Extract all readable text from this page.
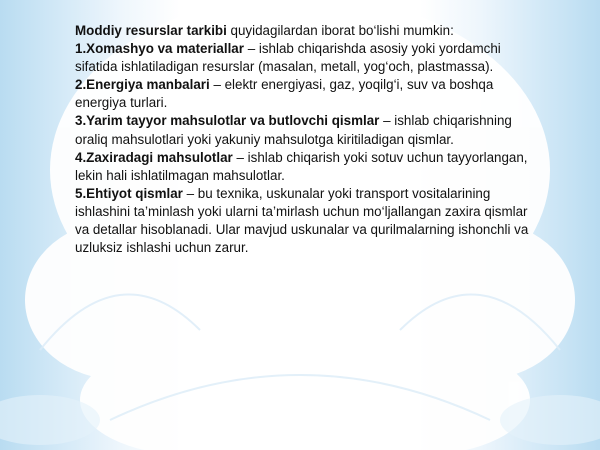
Moddiy resurslar tarkibi quyidagilardan iborat bo‘lishi mumkin:

1.Xomashyo va materiallar – ishlab chiqarishda asosiy yoki yordamchi sifatida ishlatiladigan resurslar (masalan, metall, yog‘och, plastmassa).

2.Energiya manbalari – elektr energiyasi, gaz, yoqilg‘i, suv va boshqa energiya turlari.

3.Yarim tayyor mahsulotlar va butlovchi qismlar – ishlab chiqarishning oraliq mahsulotlari yoki yakuniy mahsulotga kiritiladigan qismlar.

4.Zaxiradagi mahsulotlar – ishlab chiqarish yoki sotuv uchun tayyorlangan, lekin hali ishlatilmagan mahsulotlar.

5.Ehtiyot qismlar – bu texnika, uskunalar yoki transport vositalarining ishlashini ta’minlash yoki ularni ta’mirlash uchun mo‘ljallangan zaxira qismlar va detallar hisoblanadi. Ular mavjud uskunalar va qurilmalarning ishonchli va uzluksiz ishlashi uchun zarur.
